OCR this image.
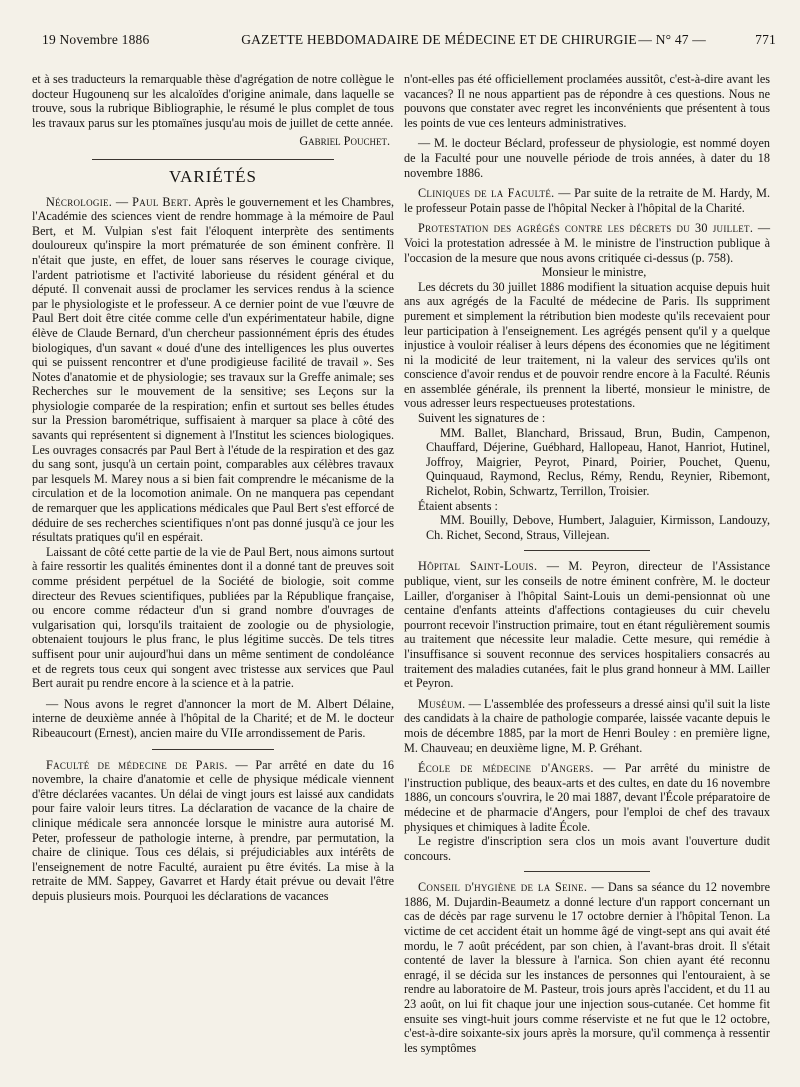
19 Novembre 1886	GAZETTE HEBDOMADAIRE DE MÉDECINE ET DE CHIRURGIE — N° 47 —	771

et à ses traducteurs la remarquable thèse d'agrégation de notre collègue le docteur Hugounenq sur les alcaloïdes d'origine animale, dans laquelle se trouve, sous la rubrique Bibliographie, le résumé le plus complet de tous les travaux parus sur les ptomaïnes jusqu'au mois de juillet de cette année.

Gabriel Pouchet.
VARIÉTÉS

Nécrologie. — Paul Bert. Après le gouvernement et les Chambres, l'Académie des sciences vient de rendre hommage à la mémoire de Paul Bert, et M. Vulpian s'est fait l'éloquent interprète des sentiments douloureux qu'inspire la mort prématurée de son éminent confrère. Il n'était que juste, en effet, de louer sans réserves le courage civique, l'ardent patriotisme et l'activité laborieuse du résident général et du député. Il convenait aussi de proclamer les services rendus à la science par le physiologiste et le professeur. A ce dernier point de vue l'œuvre de Paul Bert doit être citée comme celle d'un expérimentateur habile, digne élève de Claude Bernard, d'un chercheur passionnément épris des études biologiques, d'un savant « doué d'une des intelligences les plus ouvertes qui se puissent rencontrer et d'une prodigieuse facilité de travail ». Ses Notes d'anatomie et de physiologie; ses travaux sur la Greffe animale; ses Recherches sur le mouvement de la sensitive; ses Leçons sur la physiologie comparée de la respiration; enfin et surtout ses belles études sur la Pression barométrique, suffisaient à marquer sa place à côté des savants qui représentent si dignement à l'Institut les sciences biologiques. Les ouvrages consacrés par Paul Bert à l'étude de la respiration et des gaz du sang sont, jusqu'à un certain point, comparables aux célèbres travaux par lesquels M. Marey nous a si bien fait comprendre le mécanisme de la circulation et de la locomotion animale. On ne manquera pas cependant de remarquer que les applications médicales que Paul Bert s'est efforcé de déduire de ses recherches scientifiques n'ont pas donné jusqu'à ce jour les résultats pratiques qu'il en espérait.

Laissant de côté cette partie de la vie de Paul Bert, nous aimons surtout à faire ressortir les qualités éminentes dont il a donné tant de preuves soit comme président perpétuel de la Société de biologie, soit comme directeur des Revues scientifiques, publiées par la République française, ou encore comme rédacteur d'un si grand nombre d'ouvrages de vulgarisation qui, lorsqu'ils traitaient de zoologie ou de physiologie, obtenaient toujours le plus franc, le plus légitime succès. De tels titres suffisent pour unir aujourd'hui dans un même sentiment de condoléance et de regrets tous ceux qui songent avec tristesse aux services que Paul Bert aurait pu rendre encore à la science et à la patrie.

— Nous avons le regret d'annoncer la mort de M. Albert Délaine, interne de deuxième année à l'hôpital de la Charité; et de M. le docteur Ribeaucourt (Ernest), ancien maire du VIIe arrondissement de Paris.

Faculté de médecine de Paris. — Par arrêté en date du 16 novembre, la chaire d'anatomie et celle de physique médicale viennent d'être déclarées vacantes. Un délai de vingt jours est laissé aux candidats pour faire valoir leurs titres. La déclaration de vacance de la chaire de clinique médicale sera annoncée lorsque le ministre aura autorisé M. Peter, professeur de pathologie interne, à prendre, par permutation, la chaire de clinique. Tous ces délais, si préjudiciables aux intérêts de l'enseignement de notre Faculté, auraient pu être évités. La mise à la retraite de MM. Sappey, Gavarret et Hardy était prévue ou devait l'être depuis plusieurs mois. Pourquoi les déclarations de vacances

n'ont-elles pas été officiellement proclamées aussitôt, c'est-à-dire avant les vacances? Il ne nous appartient pas de répondre à ces questions. Nous ne pouvons que constater avec regret les inconvénients que présentent à tous les points de vue ces lenteurs administratives.

— M. le docteur Béclard, professeur de physiologie, est nommé doyen de la Faculté pour une nouvelle période de trois années, à dater du 18 novembre 1886.

Cliniques de la Faculté. — Par suite de la retraite de M. Hardy, M. le professeur Potain passe de l'hôpital Necker à l'hôpital de la Charité.

Protestation des agrégés contre les décrets du 30 juillet. — Voici la protestation adressée à M. le ministre de l'instruction publique à l'occasion de la mesure que nous avons critiquée ci-dessus (p. 758).

Monsieur le ministre,

Les décrets du 30 juillet 1886 modifient la situation acquise depuis huit ans aux agrégés de la Faculté de médecine de Paris. Ils suppriment purement et simplement la rétribution bien modeste qu'ils recevaient pour leur participation à l'enseignement. Les agrégés pensent qu'il y a quelque injustice à vouloir réaliser à leurs dépens des économies que ne légitiment ni la modicité de leur traitement, ni la valeur des services qu'ils ont conscience d'avoir rendus et de pouvoir rendre encore à la Faculté. Réunis en assemblée générale, ils prennent la liberté, monsieur le ministre, de vous adresser leurs respectueuses protestations.

Suivent les signatures de :

MM. Ballet, Blanchard, Brissaud, Brun, Budin, Campenon, Chauffard, Déjerine, Guébhard, Hallopeau, Hanot, Hanriot, Hutinel, Joffroy, Maigrier, Peyrot, Pinard, Poirier, Pouchet, Quenu, Quinquaud, Raymond, Reclus, Rémy, Rendu, Reynier, Ribemont, Richelot, Robin, Schwartz, Terrillon, Troisier.

Étaient absents :

MM. Bouilly, Debove, Humbert, Jalaguier, Kirmisson, Landouzy, Ch. Richet, Second, Straus, Villejean.

Hôpital Saint-Louis. — M. Peyron, directeur de l'Assistance publique, vient, sur les conseils de notre éminent confrère, M. le docteur Lailler, d'organiser à l'hôpital Saint-Louis un demi-pensionnat où une centaine d'enfants atteints d'affections contagieuses du cuir chevelu pourront recevoir l'instruction primaire, tout en étant régulièrement soumis au traitement que nécessite leur maladie. Cette mesure, qui remédie à l'insuffisance si souvent reconnue des services hospitaliers consacrés au traitement des maladies cutanées, fait le plus grand honneur à MM. Lailler et Peyron.

Muséum. — L'assemblée des professeurs a dressé ainsi qu'il suit la liste des candidats à la chaire de pathologie comparée, laissée vacante depuis le mois de décembre 1885, par la mort de Henri Bouley : en première ligne, M. Chauveau; en deuxième ligne, M. P. Gréhant.

École de médecine d'Angers. — Par arrêté du ministre de l'instruction publique, des beaux-arts et des cultes, en date du 16 novembre 1886, un concours s'ouvrira, le 20 mai 1887, devant l'École préparatoire de médecine et de pharmacie d'Angers, pour l'emploi de chef des travaux physiques et chimiques à ladite École.

Le registre d'inscription sera clos un mois avant l'ouverture dudit concours.

Conseil d'hygiène de la Seine. — Dans sa séance du 12 novembre 1886, M. Dujardin-Beaumetz a donné lecture d'un rapport concernant un cas de décès par rage survenu le 17 octobre dernier à l'hôpital Tenon. La victime de cet accident était un homme âgé de vingt-sept ans qui avait été mordu, le 7 août précédent, par son chien, à l'avant-bras droit. Il s'était contenté de laver la blessure à l'arnica. Son chien ayant été reconnu enragé, il se décida sur les instances de personnes qui l'entouraient, à se rendre au laboratoire de M. Pasteur, trois jours après l'accident, et du 11 au 23 août, on lui fit chaque jour une injection sous-cutanée. Cet homme fit ensuite ses vingt-huit jours comme réserviste et ne fut que le 12 octobre, c'est-à-dire soixante-six jours après la morsure, qu'il commença à ressentir les symptômes
